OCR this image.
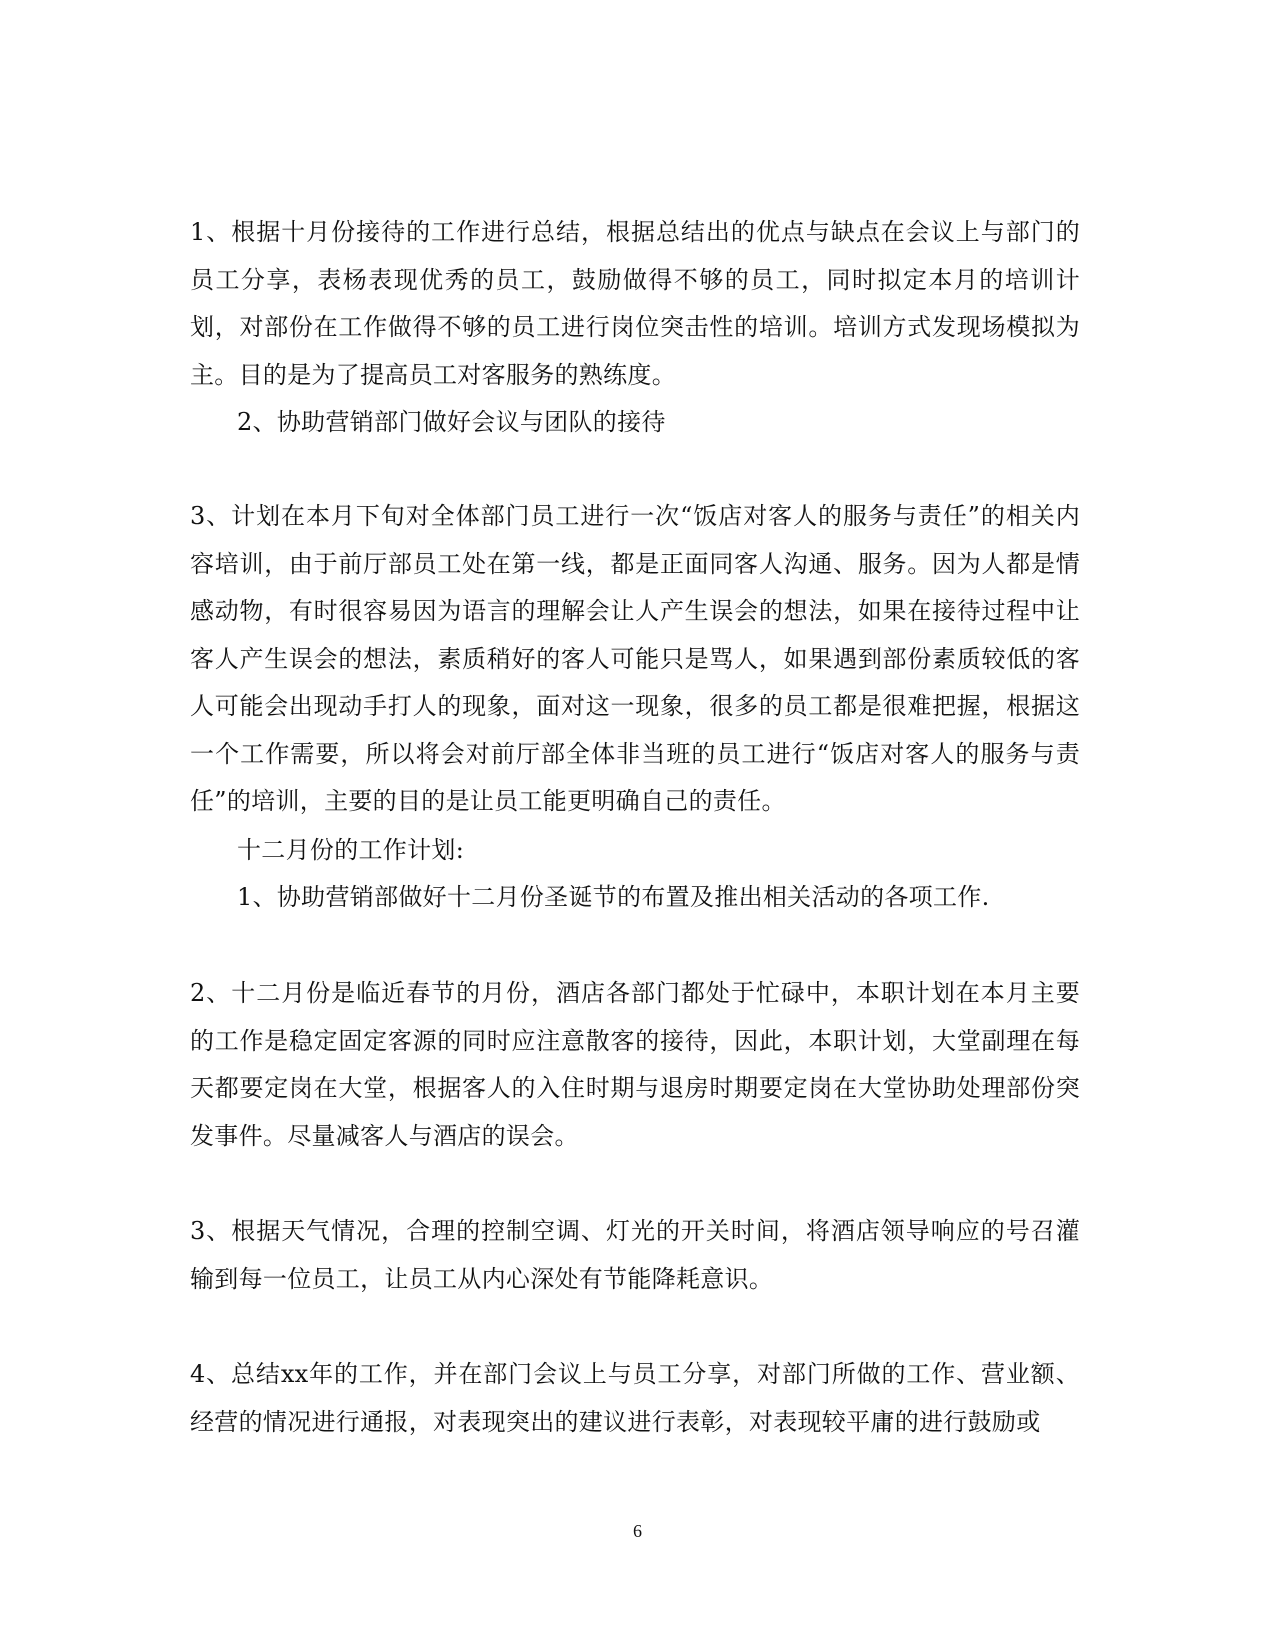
1、根据十月份接待的工作进行总结，根据总结出的优点与缺点在会议上与部门的员工分享，表杨表现优秀的员工，鼓励做得不够的员工，同时拟定本月的培训计划，对部份在工作做得不够的员工进行岗位突击性的培训。培训方式发现场模拟为主。目的是为了提高员工对客服务的熟练度。

2、协助营销部门做好会议与团队的接待

3、计划在本月下旬对全体部门员工进行一次“饭店对客人的服务与责任”的相关内容培训，由于前厅部员工处在第一线，都是正面同客人沟通、服务。因为人都是情感动物，有时很容易因为语言的理解会让人产生误会的想法，如果在接待过程中让客人产生误会的想法，素质稍好的客人可能只是骂人，如果遇到部份素质较低的客人可能会出现动手打人的现象，面对这一现象，很多的员工都是很难把握，根据这一个工作需要，所以将会对前厅部全体非当班的员工进行“饭店对客人的服务与责任”的培训，主要的目的是让员工能更明确自己的责任。

十二月份的工作计划:

1、协助营销部做好十二月份圣诞节的布置及推出相关活动的各项工作.

2、十二月份是临近春节的月份，酒店各部门都处于忙碌中，本职计划在本月主要的工作是稳定固定客源的同时应注意散客的接待，因此，本职计划，大堂副理在每天都要定岗在大堂，根据客人的入住时期与退房时期要定岗在大堂协助处理部份突发事件。尽量减客人与酒店的误会。

3、根据天气情况，合理的控制空调、灯光的开关时间，将酒店领导响应的号召灌输到每一位员工，让员工从内心深处有节能降耗意识。

4、总结xx年的工作，并在部门会议上与员工分享，对部门所做的工作、营业额、经营的情况进行通报，对表现突出的建议进行表彰，对表现较平庸的进行鼓励或

6
